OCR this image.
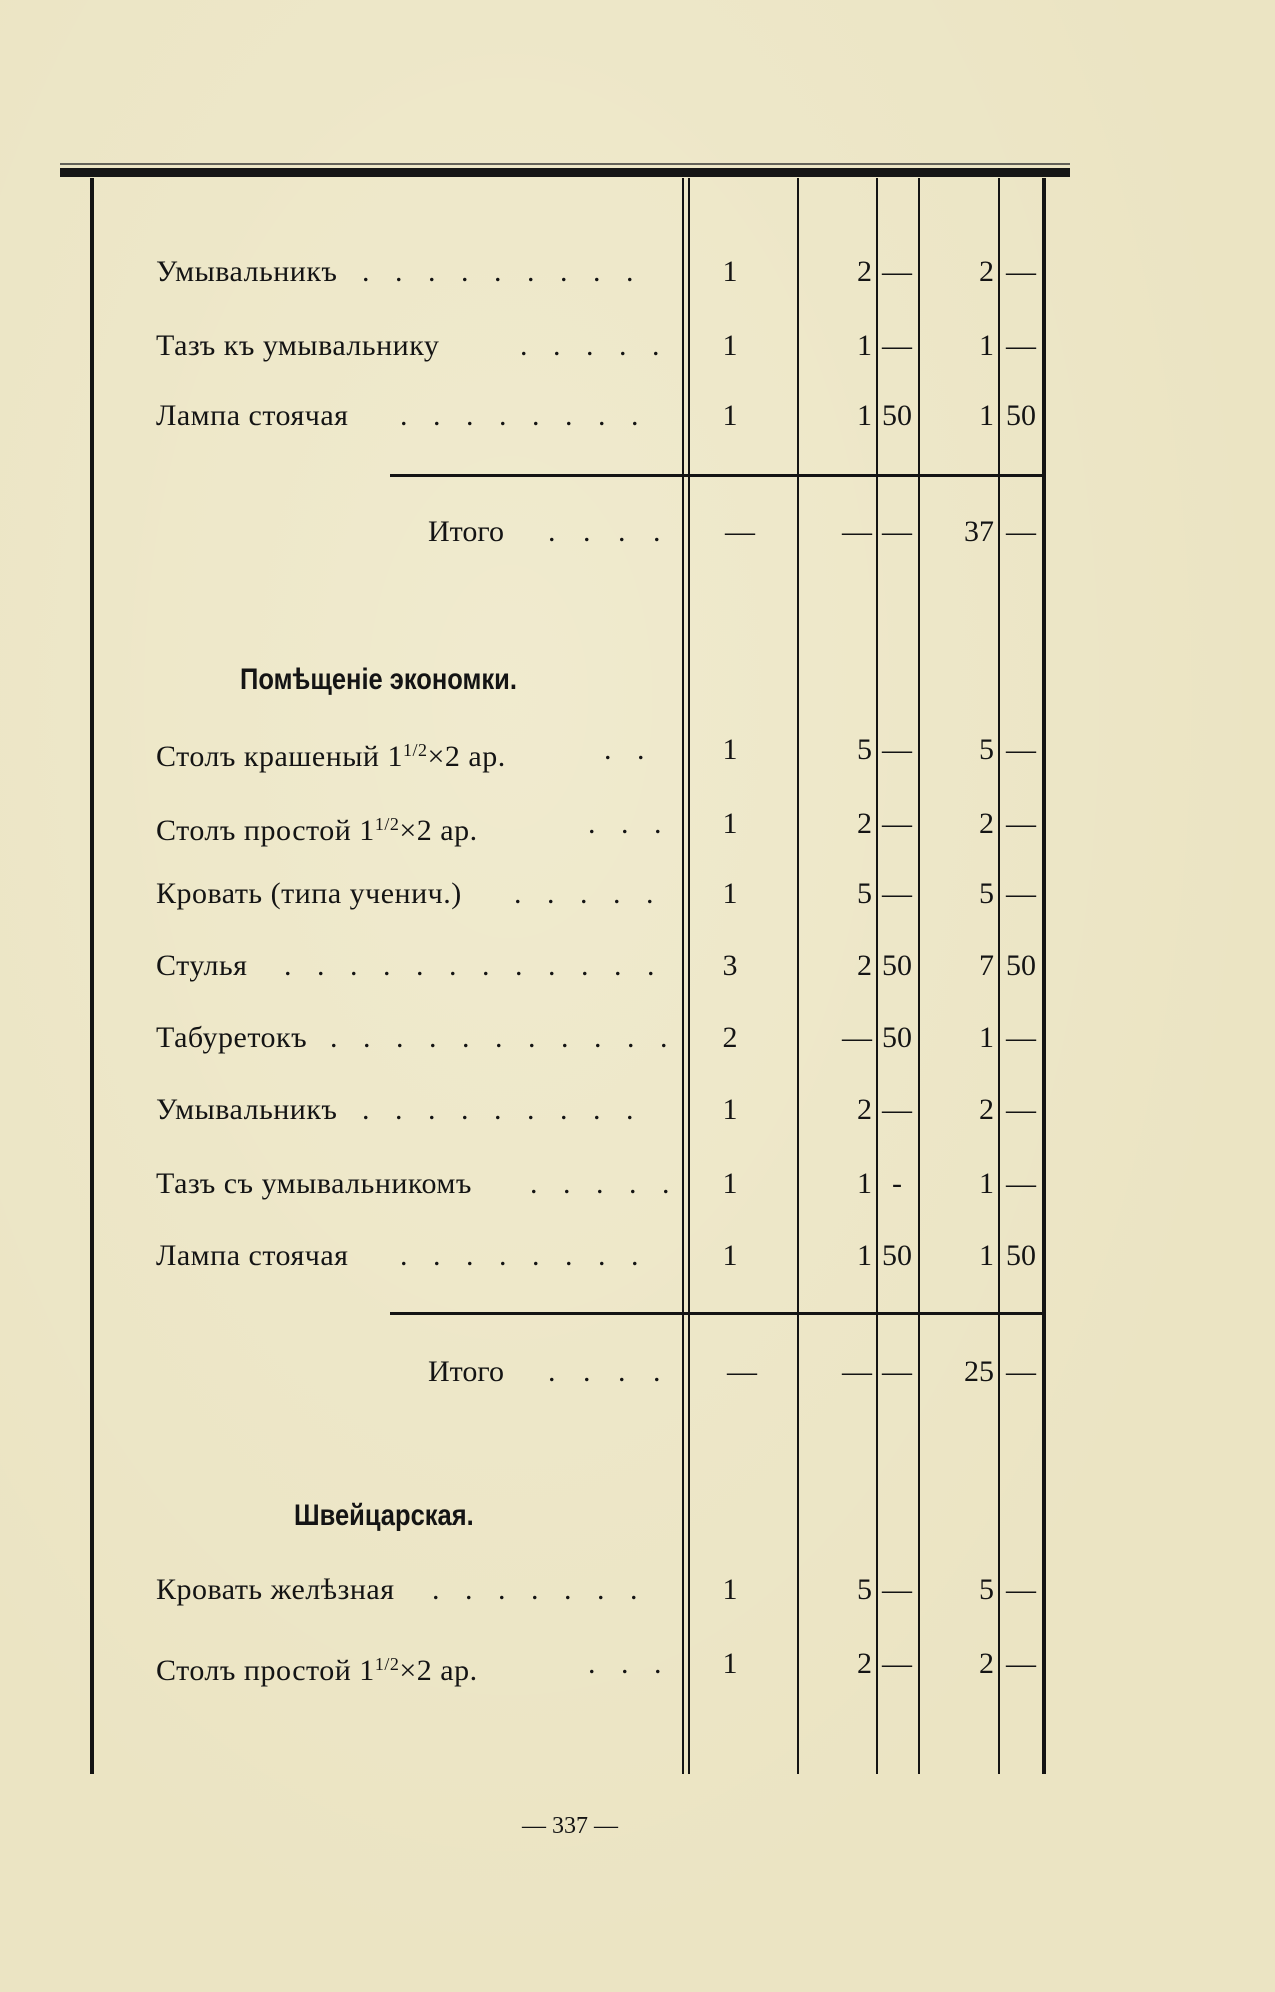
Умывальникъ . . . . . . . . .	1	2 —	2 —
Тазъ къ умывальнику	. . . . .	1	1 —	1 —
Лампа стоячая . . . . . . . .	1	1 50	1 50
Итого . . . .	—	— —	37 —
Помѣщеніе экономки.
Столъ крашеный $1^{1/2}\times 2$ ар.	. .	1	5 —	5 —
Столъ простой $1^{1/2}\times 2$ ар.	. . .	1	2 —	2 —
Кровать (типа учeнич.) . . . . .	1	5 —	5 —
Стулья . . . . . . . . . . . .	3	2 50	7 50
Табуретокъ . . . . . . . . . . .	2	— 50	1 —
Умывальникъ . . . . . . . . .	1	2 —	2 —
Тазъ съ умывальникомъ . . . . .	1	1 -	1 —
Лампа стоячая . . . . . . . .	1	1 50	1 50
Итого . . . .	—	— —	25 —
Швейцарская.
Кровать желѣзная . . . . . . .	1	5 —	5 —
Столъ простой $1^{1/2}\times 2$ ар.	. . .	1	2 —	2 —
— 337 —
